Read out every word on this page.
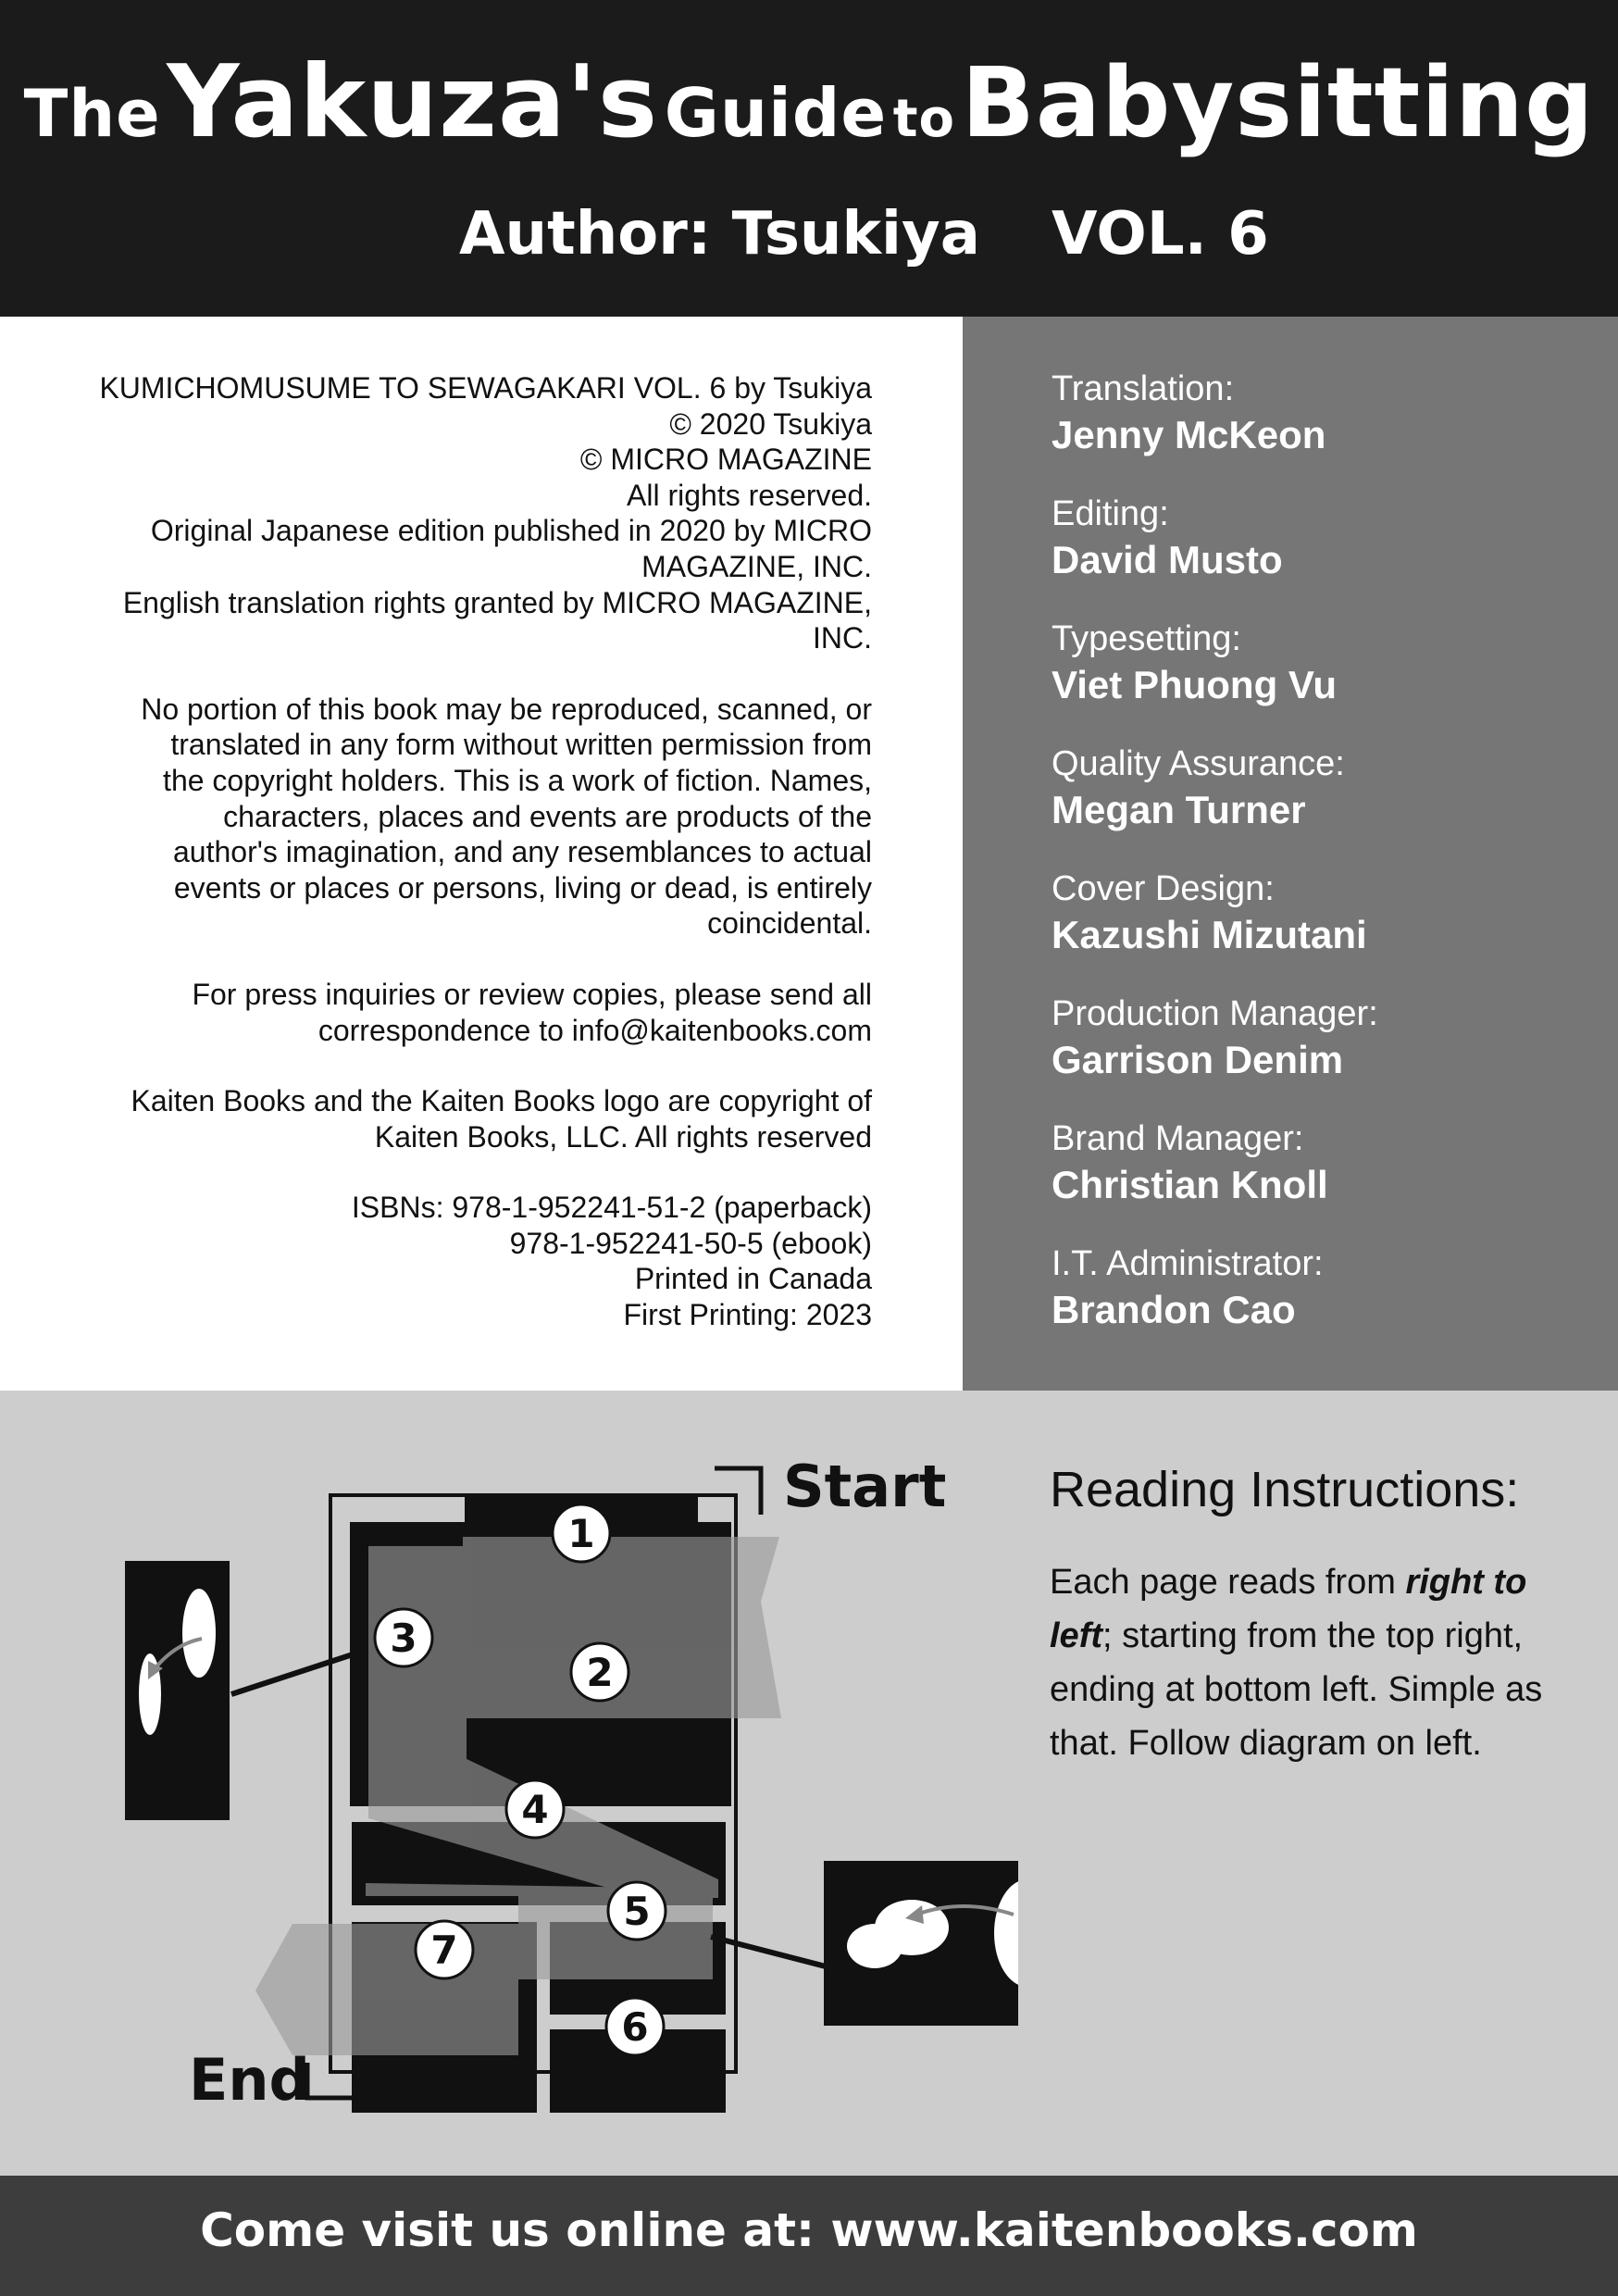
The Yakuza's Guide to Babysitting
Author: Tsukiya VOL. 6

KUMICHOMUSUME TO SEWAGAKARI VOL. 6 by Tsukiya
© 2020 Tsukiya
© MICRO MAGAZINE
All rights reserved.
Original Japanese edition published in 2020 by MICRO
MAGAZINE, INC.
English translation rights granted by MICRO MAGAZINE,
INC.

No portion of this book may be reproduced, scanned, or
translated in any form without written permission from
the copyright holders. This is a work of fiction. Names,
characters, places and events are products of the
author's imagination, and any resemblances to actual
events or places or persons, living or dead, is entirely
coincidental.

For press inquiries or review copies, please send all
correspondence to info@kaitenbooks.com

Kaiten Books and the Kaiten Books logo are copyright of
Kaiten Books, LLC. All rights reserved

ISBNs: 978-1-952241-51-2 (paperback)
978-1-952241-50-5 (ebook)
Printed in Canada
First Printing: 2023

Translation:
Jenny McKeon
Editing:
David Musto
Typesetting:
Viet Phuong Vu
Quality Assurance:
Megan Turner
Cover Design:
Kazushi Mizutani
Production Manager:
Garrison Denim
Brand Manager:
Christian Knoll
I.T. Administrator:
Brandon Cao
Start
End
1
2
3
4
5
6
7
Reading Instructions:
Each page reads from right to left; starting from the top right, ending at bottom left. Simple as that. Follow diagram on left.
Come visit us online at: www.kaitenbooks.com
